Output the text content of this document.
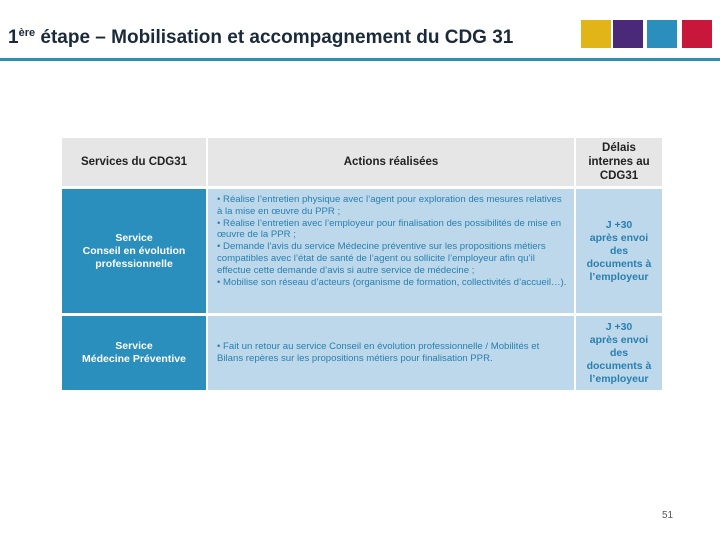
1ère étape – Mobilisation et accompagnement du CDG 31
Services du CDG31	Actions réalisées
Délais internes au CDG31
Service
Conseil en évolution
professionnelle
• Réalise l’entretien physique avec l’agent pour exploration des mesures relatives à la mise en œuvre du PPR ;
• Réalise l’entretien avec l’employeur pour finalisation des possibilités de mise en œuvre de la PPR ;
• Demande l’avis du service Médecine préventive sur les propositions métiers compatibles avec l’état de santé de l’agent ou sollicite l’employeur afin qu’il effectue cette demande d’avis si autre service de médecine ;
• Mobilise son réseau d’acteurs (organisme de formation, collectivités d’accueil…).
J +30
après envoi
des
documents à
l’employeur
Service
Médecine Préventive
• Fait un retour au service Conseil en évolution professionnelle / Mobilités et Bilans repères sur les propositions métiers pour finalisation PPR.
J +30
après envoi
des
documents à
l’employeur
51
